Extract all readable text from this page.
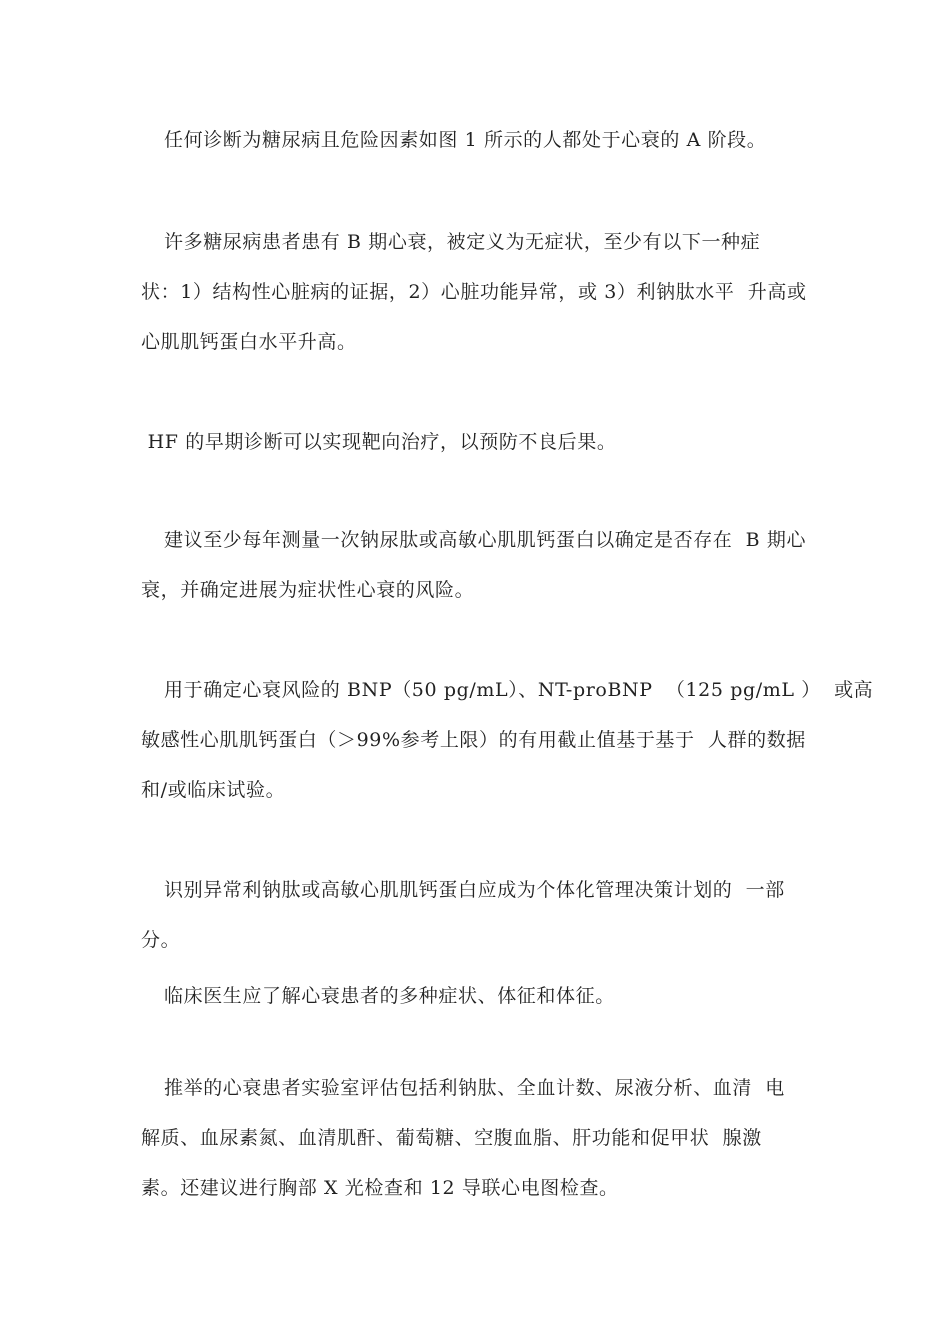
任何诊断为糖尿病且危险因素如图 1 所示的人都处于心衰的 A 阶段。
许多糖尿病患者患有 B 期心衰，被定义为无症状，至少有以下一种症
状：1）结构性心脏病的证据，2）心脏功能异常，或 3）利钠肽水平  升高或
心肌肌钙蛋白水平升高。
HF 的早期诊断可以实现靶向治疗，以预防不良后果。
建议至少每年测量一次钠尿肽或高敏心肌肌钙蛋白以确定是否存在  B 期心
衰，并确定进展为症状性心衰的风险。
用于确定心衰风险的 BNP（50 pg/mL）、NT-proBNP  （125 pg/mL ）  或高
敏感性心肌肌钙蛋白（＞99%参考上限）的有用截止值基于基于  人群的数据
和/或临床试验。
识别异常利钠肽或高敏心肌肌钙蛋白应成为个体化管理决策计划的  一部
分。
临床医生应了解心衰患者的多种症状、体征和体征。
推举的心衰患者实验室评估包括利钠肽、全血计数、尿液分析、血清  电
解质、血尿素氮、血清肌酐、葡萄糖、空腹血脂、肝功能和促甲状  腺激
素。还建议进行胸部 X 光检查和 12 导联心电图检查。
